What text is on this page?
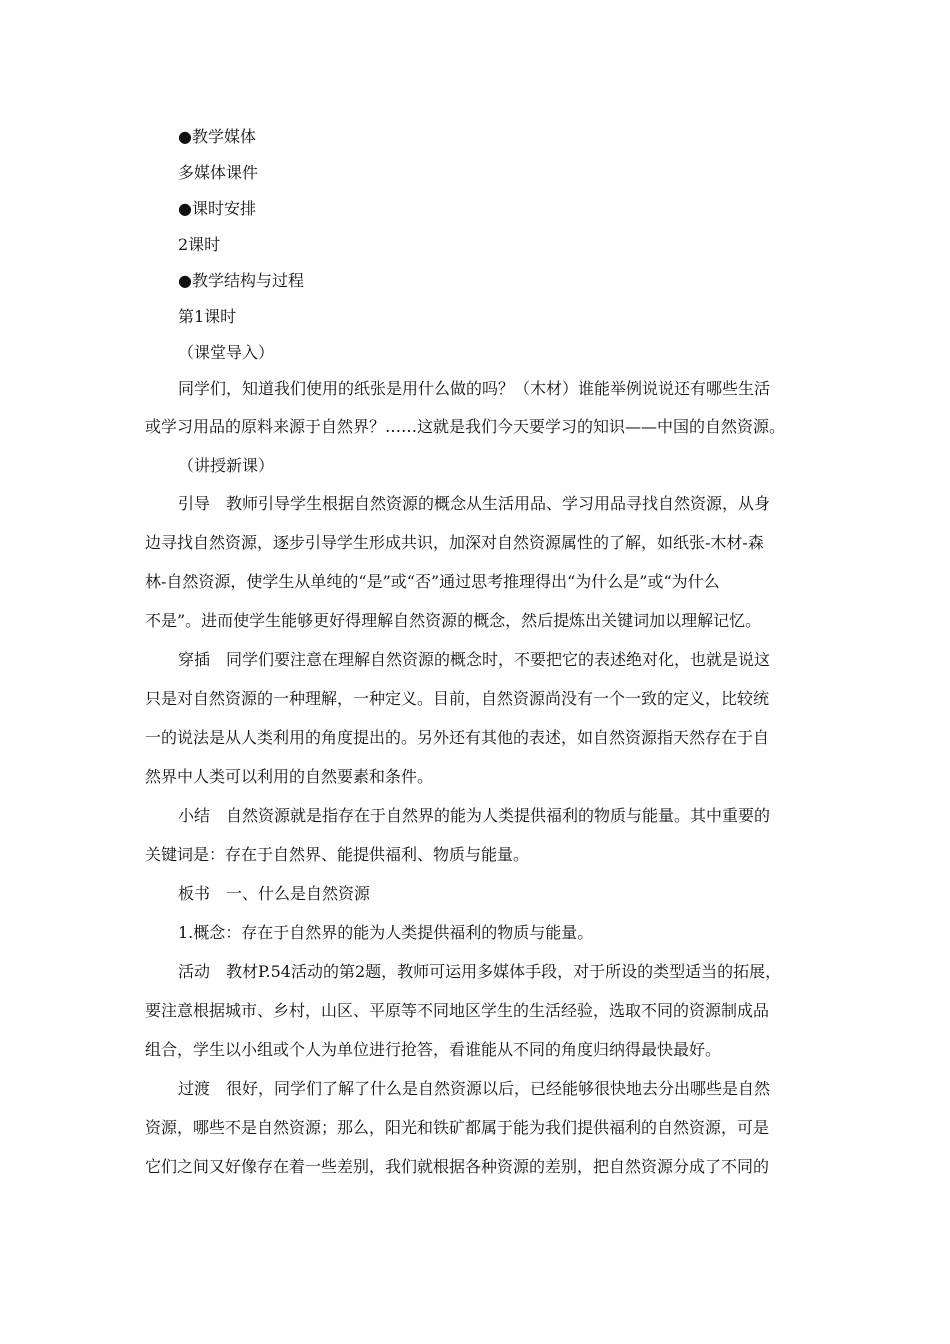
●教学媒体
多媒体课件
●课时安排
2课时
●教学结构与过程
第1课时
（课堂导入）
同学们，知道我们使用的纸张是用什么做的吗？（木材）谁能举例说说还有哪些生活
或学习用品的原料来源于自然界？……这就是我们今天要学习的知识——中国的自然资源。
（讲授新课）
引导　教师引导学生根据自然资源的概念从生活用品、学习用品寻找自然资源，从身
边寻找自然资源，逐步引导学生形成共识，加深对自然资源属性的了解，如纸张-木材-森
林-自然资源，使学生从单纯的“是”或“否”通过思考推理得出“为什么是”或“为什么
不是”。进而使学生能够更好得理解自然资源的概念，然后提炼出关键词加以理解记忆。
穿插　同学们要注意在理解自然资源的概念时，不要把它的表述绝对化，也就是说这
只是对自然资源的一种理解，一种定义。目前，自然资源尚没有一个一致的定义，比较统
一的说法是从人类利用的角度提出的。另外还有其他的表述，如自然资源指天然存在于自
然界中人类可以利用的自然要素和条件。
小结　自然资源就是指存在于自然界的能为人类提供福利的物质与能量。其中重要的
关键词是：存在于自然界、能提供福利、物质与能量。
板书　一、什么是自然资源
1.概念：存在于自然界的能为人类提供福利的物质与能量。
活动　教材P.54活动的第2题，教师可运用多媒体手段，对于所设的类型适当的拓展，
要注意根据城市、乡村，山区、平原等不同地区学生的生活经验，选取不同的资源制成品
组合，学生以小组或个人为单位进行抢答，看谁能从不同的角度归纳得最快最好。
过渡　很好，同学们了解了什么是自然资源以后，已经能够很快地去分出哪些是自然
资源，哪些不是自然资源；那么，阳光和铁矿都属于能为我们提供福利的自然资源，可是
它们之间又好像存在着一些差别，我们就根据各种资源的差别，把自然资源分成了不同的
